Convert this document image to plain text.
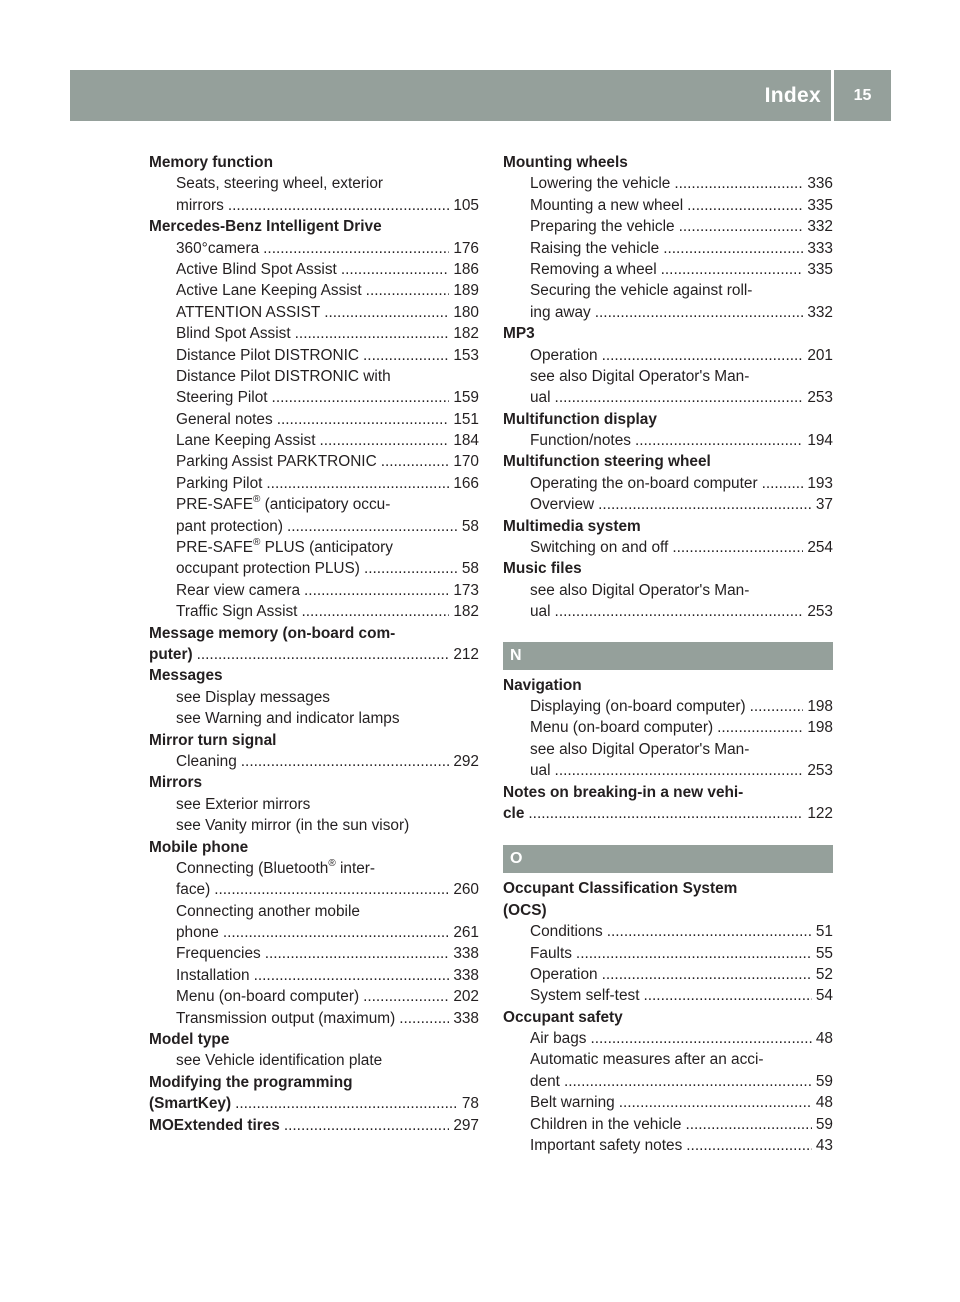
Index	15
Memory function
Seats, steering wheel, exterior
mirrors .....	105
Mercedes-Benz Intelligent Drive
360°camera .....	176
Active Blind Spot Assist .....	186
Active Lane Keeping Assist .....	189
ATTENTION ASSIST .....	180
Blind Spot Assist .....	182
Distance Pilot DISTRONIC .....	153
Distance Pilot DISTRONIC with
Steering Pilot .....	159
General notes .....	151
Lane Keeping Assist .....	184
Parking Assist PARKTRONIC .....	170
Parking Pilot .....	166
PRE-SAFE® (anticipatory occu-
pant protection) .....	58
PRE-SAFE® PLUS (anticipatory
occupant protection PLUS) .....	58
Rear view camera .....	173
Traffic Sign Assist .....	182
Message memory (on-board com-
puter) .....	212
Messages
see Display messages
see Warning and indicator lamps
Mirror turn signal
Cleaning .....	292
Mirrors
see Exterior mirrors
see Vanity mirror (in the sun visor)
Mobile phone
Connecting (Bluetooth® inter-
face) .....	260
Connecting another mobile
phone .....	261
Frequencies .....	338
Installation .....	338
Menu (on-board computer) .....	202
Transmission output (maximum) .....	338
Model type
see Vehicle identification plate
Modifying the programming
(SmartKey) .....	78
MOExtended tires .....	297
Mounting wheels
Lowering the vehicle .....	336
Mounting a new wheel .....	335
Preparing the vehicle .....	332
Raising the vehicle .....	333
Removing a wheel .....	335
Securing the vehicle against roll-
ing away .....	332
MP3
Operation .....	201
see also Digital Operator's Man-
ual .....	253
Multifunction display
Function/notes .....	194
Multifunction steering wheel
Operating the on-board computer .....	193
Overview .....	37
Multimedia system
Switching on and off .....	254
Music files
see also Digital Operator's Man-
ual .....	253
N
Navigation
Displaying (on-board computer) .....	198
Menu (on-board computer) .....	198
see also Digital Operator's Man-
ual .....	253
Notes on breaking-in a new vehi-
cle .....	122
O
Occupant Classification System
(OCS)
Conditions .....	51
Faults .....	55
Operation .....	52
System self-test .....	54
Occupant safety
Air bags .....	48
Automatic measures after an acci-
dent .....	59
Belt warning .....	48
Children in the vehicle .....	59
Important safety notes .....	43
